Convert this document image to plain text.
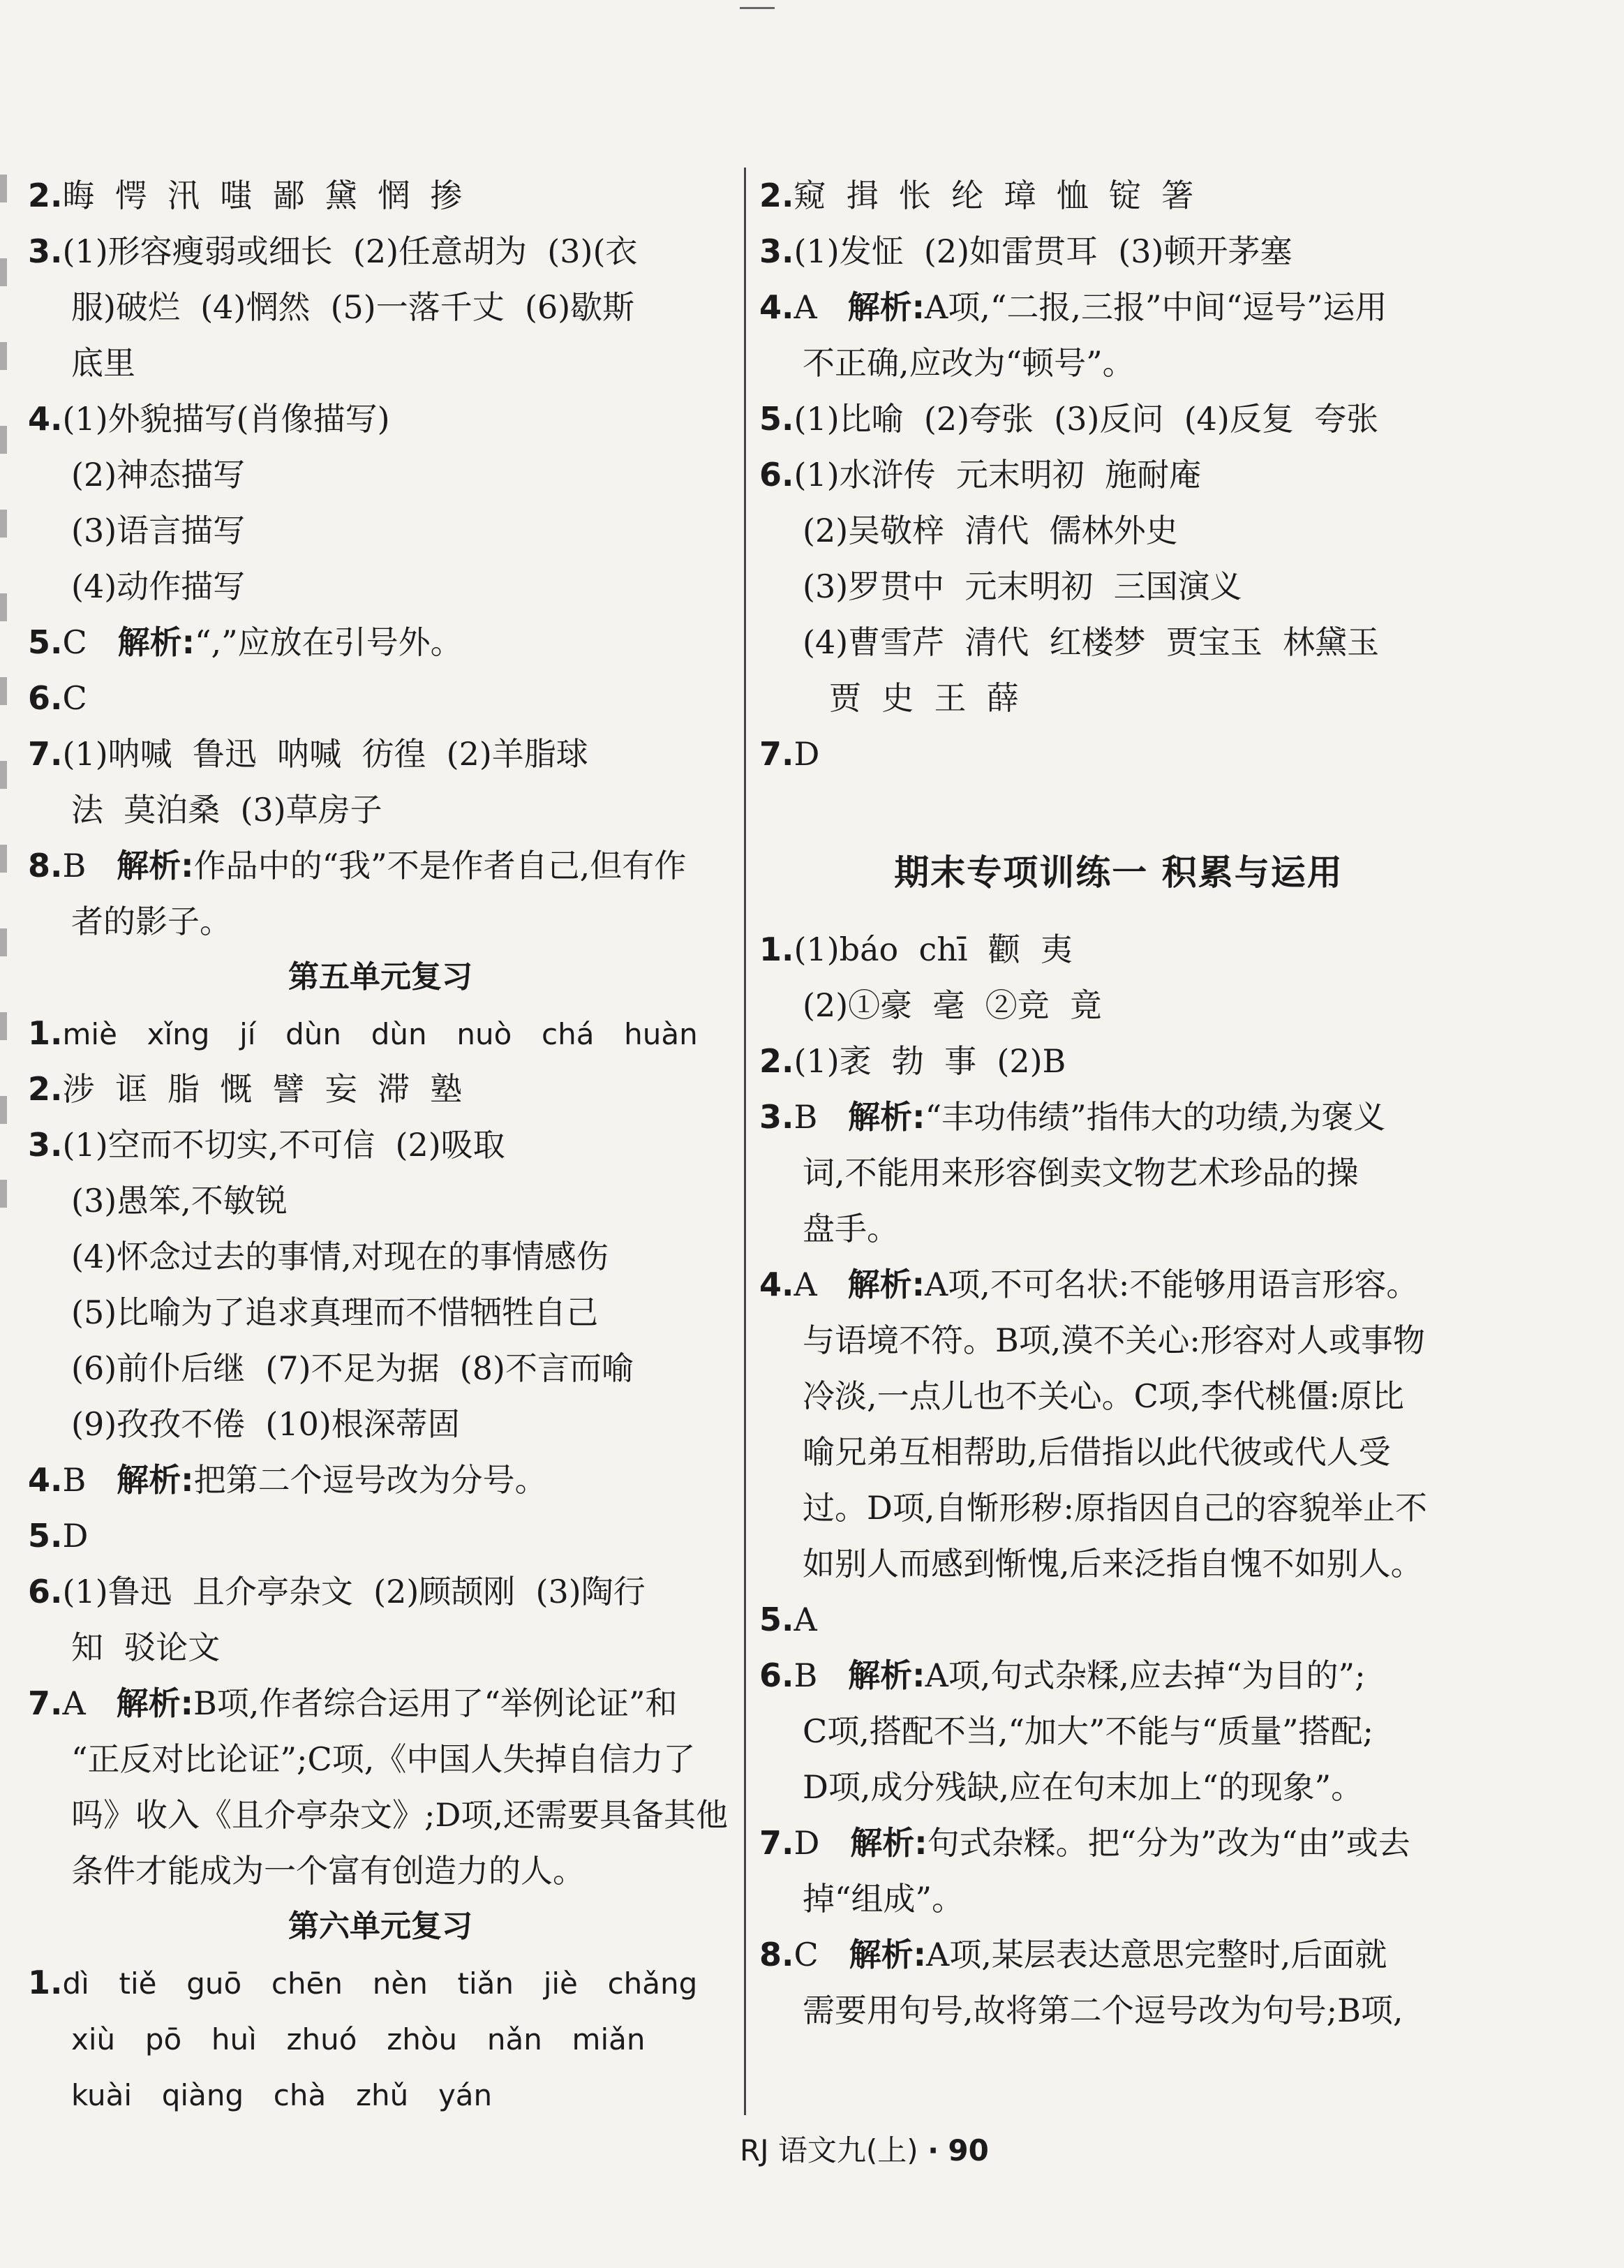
2.晦  愕  汛  嗤  鄙  黛  惘  掺
3.(1)形容瘦弱或细长  (2)任意胡为  (3)(衣
服)破烂  (4)惘然  (5)一落千丈  (6)歇斯
底里
4.(1)外貌描写(肖像描写)
(2)神态描写
(3)语言描写
(4)动作描写
5.C 解析:“,”应放在引号外。
6.C
7.(1)呐喊  鲁迅  呐喊  彷徨  (2)羊脂球
法  莫泊桑  (3)草房子
8.B 解析:作品中的“我”不是作者自己,但有作
者的影子。
第五单元复习
1.miè  xǐng  jí  dùn  dùn  nuò  chá  huàn
2.涉  诓  脂  慨  譬  妄  滞  塾
3.(1)空而不切实,不可信  (2)吸取
(3)愚笨,不敏锐
(4)怀念过去的事情,对现在的事情感伤
(5)比喻为了追求真理而不惜牺牲自己
(6)前仆后继  (7)不足为据  (8)不言而喻
(9)孜孜不倦  (10)根深蒂固
4.B 解析:把第二个逗号改为分号。
5.D
6.(1)鲁迅  且介亭杂文  (2)顾颉刚  (3)陶行
知  驳论文
7.A 解析:B项,作者综合运用了“举例论证”和
“正反对比论证”;C项,《中国人失掉自信力了
吗》收入《且介亭杂文》;D项,还需要具备其他
条件才能成为一个富有创造力的人。
第六单元复习
1.dì  tiě  guō  chēn  nèn  tiǎn  jiè  chǎng
xiù  pō  huì  zhuó  zhòu  nǎn  miǎn
kuài  qiàng  chà  zhǔ  yán
2.窥  揖  怅  纶  璋  恤  锭  箸
3.(1)发怔  (2)如雷贯耳  (3)顿开茅塞
4.A 解析:A项,“二报,三报”中间“逗号”运用
不正确,应改为“顿号”。
5.(1)比喻  (2)夸张  (3)反问  (4)反复  夸张
6.(1)水浒传  元末明初  施耐庵
(2)吴敬梓  清代  儒林外史
(3)罗贯中  元末明初  三国演义
(4)曹雪芹  清代  红楼梦  贾宝玉  林黛玉
贾  史  王  薛
7.D
期末专项训练一 积累与运用
1.(1)báo  chī  颧  夷
(2)①豪  毫  ②竞  竟
2.(1)袤  勃  事  (2)B
3.B 解析:“丰功伟绩”指伟大的功绩,为褒义
词,不能用来形容倒卖文物艺术珍品的操
盘手。
4.A 解析:A项,不可名状:不能够用语言形容。
与语境不符。B项,漠不关心:形容对人或事物
冷淡,一点儿也不关心。C项,李代桃僵:原比
喻兄弟互相帮助,后借指以此代彼或代人受
过。D项,自惭形秽:原指因自己的容貌举止不
如别人而感到惭愧,后来泛指自愧不如别人。
5.A
6.B 解析:A项,句式杂糅,应去掉“为目的”;
C项,搭配不当,“加大”不能与“质量”搭配;
D项,成分残缺,应在句末加上“的现象”。
7.D 解析:句式杂糅。把“分为”改为“由”或去
掉“组成”。
8.C 解析:A项,某层表达意思完整时,后面就
需要用句号,故将第二个逗号改为句号;B项,
RJ 语文九(上) · 90
